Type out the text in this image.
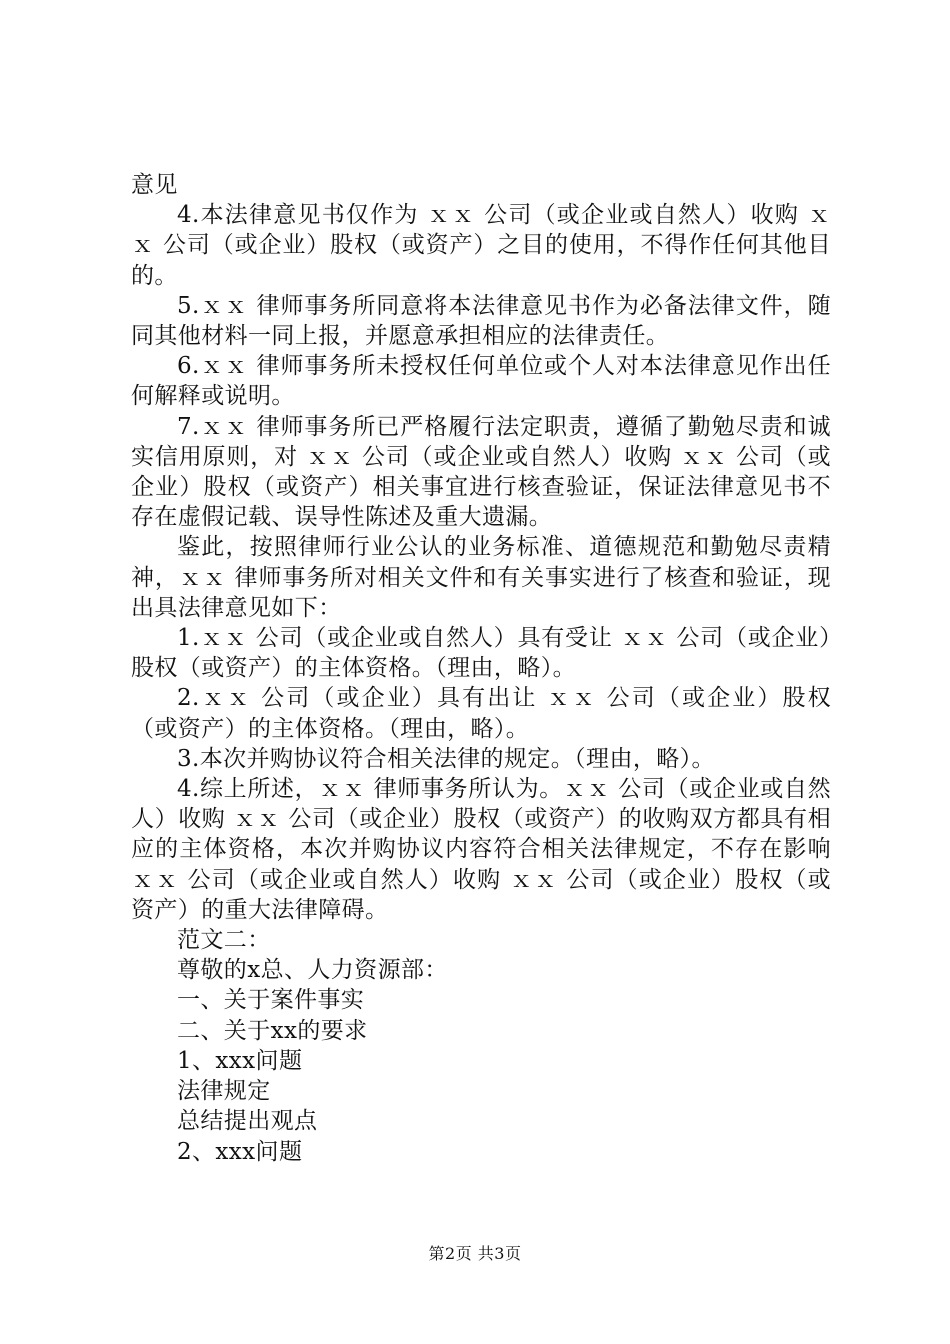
意见

4.本法律意见书仅作为 ｘｘ 公司（或企业或自然人）收购 ｘｘ 公司（或企业）股权（或资产）之目的使用，不得作任何其他目的。

5.ｘｘ 律师事务所同意将本法律意见书作为必备法律文件，随同其他材料一同上报，并愿意承担相应的法律责任。

6.ｘｘ 律师事务所未授权任何单位或个人对本法律意见作出任何解释或说明。

7.ｘｘ 律师事务所已严格履行法定职责，遵循了勤勉尽责和诚实信用原则，对 ｘｘ 公司（或企业或自然人）收购 ｘｘ 公司（或企业）股权（或资产）相关事宜进行核查验证，保证法律意见书不存在虚假记载、误导性陈述及重大遗漏。

鉴此，按照律师行业公认的业务标准、道德规范和勤勉尽责精神，ｘｘ 律师事务所对相关文件和有关事实进行了核查和验证，现出具法律意见如下：

1.ｘｘ 公司（或企业或自然人）具有受让 ｘｘ 公司（或企业）股权（或资产）的主体资格。（理由，略）。

2.ｘｘ 公司（或企业）具有出让 ｘｘ 公司（或企业）股权（或资产）的主体资格。（理由，略）。

3.本次并购协议符合相关法律的规定。（理由，略）。

4.综上所述，ｘｘ 律师事务所认为。ｘｘ 公司（或企业或自然人）收购 ｘｘ 公司（或企业）股权（或资产）的收购双方都具有相应的主体资格，本次并购协议内容符合相关法律规定，不存在影响 ｘｘ 公司（或企业或自然人）收购 ｘｘ 公司（或企业）股权（或资产）的重大法律障碍。

范文二：

尊敬的x总、人力资源部：

一、关于案件事实

二、关于xx的要求

1、xxx问题

法律规定

总结提出观点

2、xxx问题

第2页 共3页
